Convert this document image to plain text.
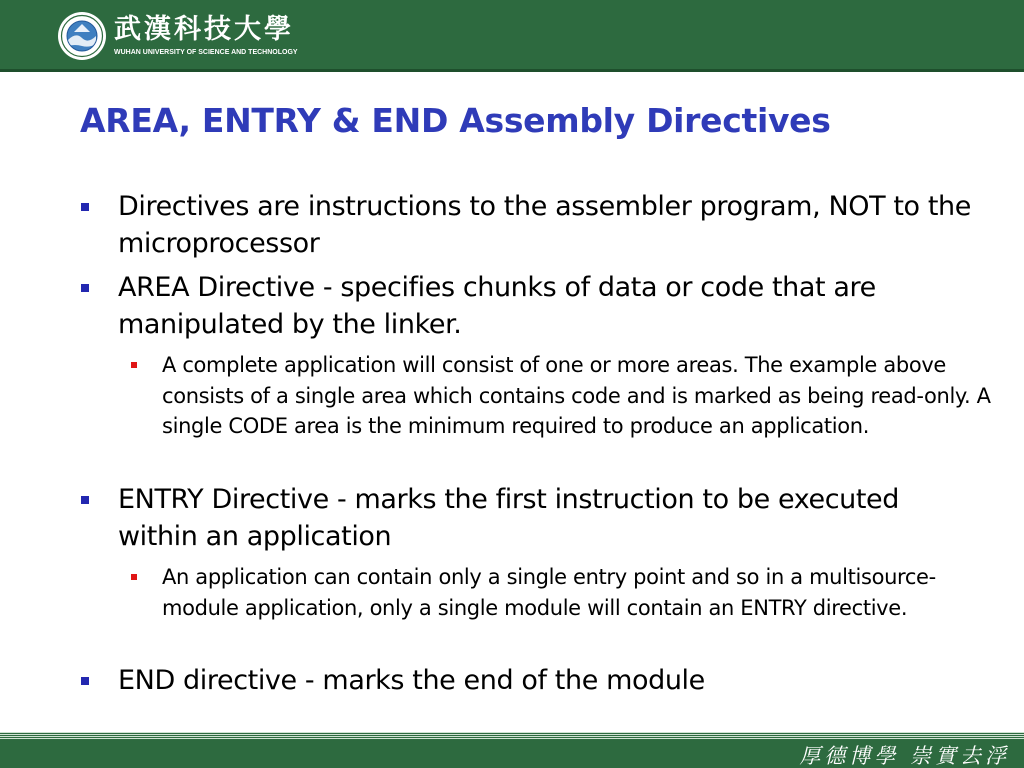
武漢科技大學
WUHAN UNIVERSITY OF SCIENCE AND TECHNOLOGY
AREA, ENTRY & END Assembly Directives

Directives are instructions to the assembler program, NOT to the microprocessor

AREA Directive - specifies chunks of data or code that are manipulated by the linker.

A complete application will consist of one or more areas. The example above consists of a single area which contains code and is marked as being read-only. A single CODE area is the minimum required to produce an application.

ENTRY Directive - marks the first instruction to be executed within an application

An application can contain only a single entry point and so in a multisource-module application, only a single module will contain an ENTRY directive.

END directive - marks the end of the module

厚德博學 崇實去浮
